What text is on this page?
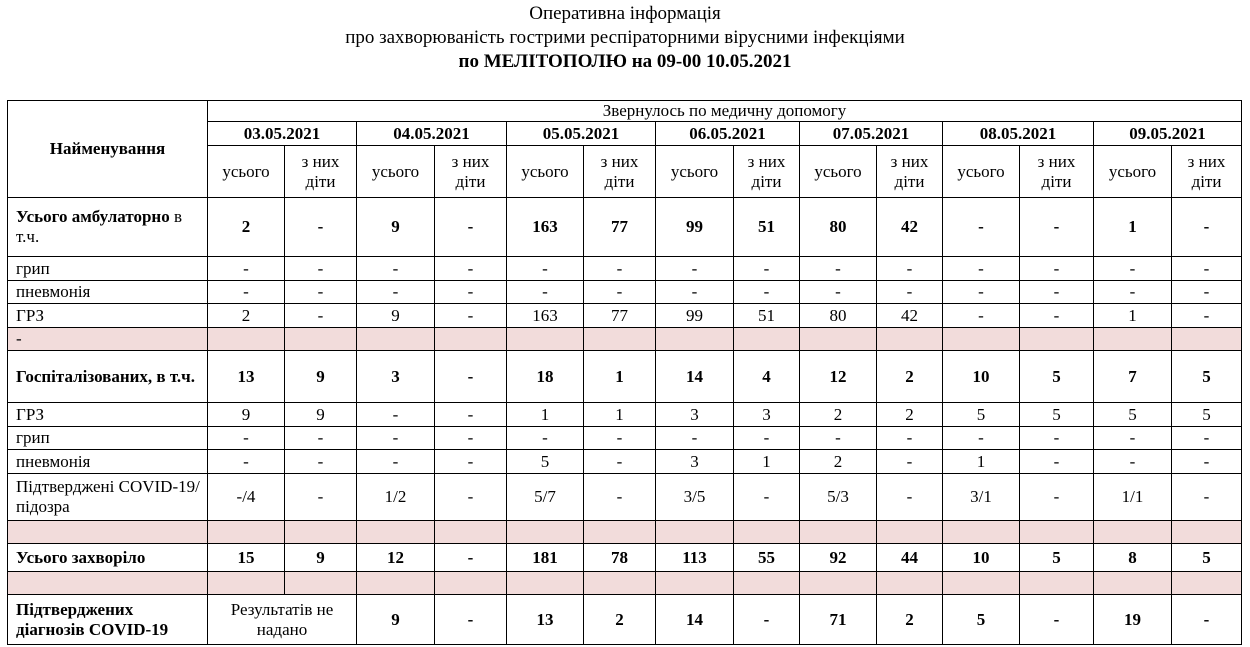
Оперативна інформація
про захворюваність гострими респіраторними вірусними інфекціями
по МЕЛІТОПОЛЮ на 09-00 10.05.2021
Найменування	Звернулось по медичну допомогу													
	03.05.2021		04.05.2021		05.05.2021		06.05.2021		07.05.2021		08.05.2021		09.05.2021	
	усього	з них діти	усього	з них діти	усього	з них діти	усього	з них діти	усього	з них діти	усього	з них діти	усього	з них діти
Усього амбулаторно в т.ч.	2	-	9	-	163	77	99	51	80	42	-	-	1	-
грип	-	-	-	-	-	-	-	-	-	-	-	-	-	-
пневмонія	-	-	-	-	-	-	-	-	-	-	-	-	-	-
ГРЗ	2	-	9	-	163	77	99	51	80	42	-	-	1	-
-														
Госпіталізованих, в т.ч.	13	9	3	-	18	1	14	4	12	2	10	5	7	5
ГРЗ	9	9	-	-	1	1	3	3	2	2	5	5	5	5
грип	-	-	-	-	-	-	-	-	-	-	-	-	-	-
пневмонія	-	-	-	-	5	-	3	1	2	-	1	-	-	-
Підтверджені COVID-19/підозра	-/4	-	1/2	-	5/7	-	3/5	-	5/3	-	3/1	-	1/1	-

Усього захворіло	15	9	12	-	181	78	113	55	92	44	10	5	8	5

Підтверджених діагнозів COVID-19	Результатів не надано		9	-	13	2	14	-	71	2	5	-	19	-
